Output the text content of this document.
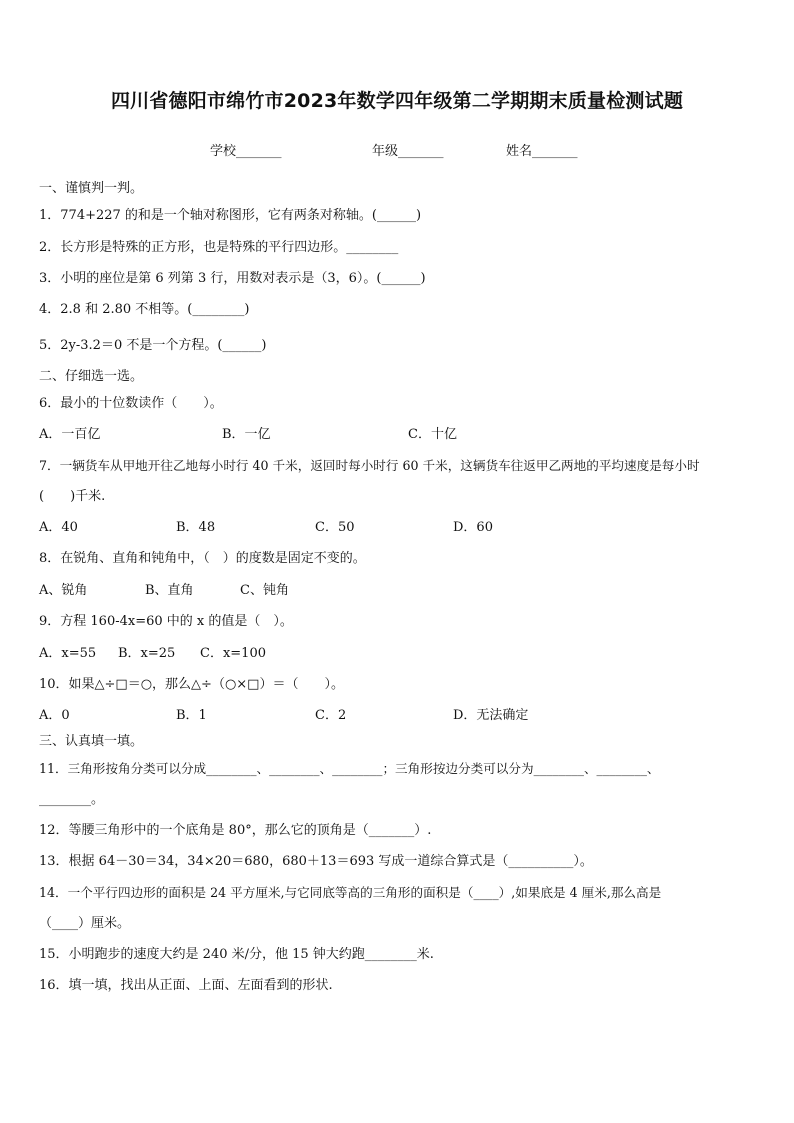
四川省德阳市绵竹市2023年数学四年级第二学期期末质量检测试题
学校_______	年级_______	姓名_______
一、谨慎判一判。
1．774+227 的和是一个轴对称图形，它有两条对称轴。(______)
2．长方形是特殊的正方形，也是特殊的平行四边形。________
3．小明的座位是第 6 列第 3 行，用数对表示是（3，6）。(______)
4．2.8 和 2.80 不相等。(________)
5．2y-3.2＝0 不是一个方程。(______)
二、仔细选一选。
6．最小的十位数读作（　　）。
A．一百亿	B．一亿	C．十亿
7．一辆货车从甲地开往乙地每小时行 40 千米，返回时每小时行 60 千米，这辆货车往返甲乙两地的平均速度是每小时
(　　)千米.
A．40	B．48	C．50	D．60
8．在锐角、直角和钝角中，（　）的度数是固定不变的。
A、锐角	B、直角	C、钝角
9．方程 160-4x=60 中的 x 的值是（　）。
A．x=55 B．x=25 C．x=100
10．如果△÷□＝○，那么△÷（○×□）＝（　　）。
A．0	B．1	C．2	D．无法确定
三、认真填一填。
11．三角形按角分类可以分成________、________、________；三角形按边分类可以分为________、________、
________。
12．等腰三角形中的一个底角是 80°，那么它的顶角是（_______）.
13．根据 64－30＝34，34×20＝680，680＋13＝693 写成一道综合算式是（__________）。
14．一个平行四边形的面积是 24 平方厘米,与它同底等高的三角形的面积是（____）,如果底是 4 厘米,那么高是
（____）厘米。
15．小明跑步的速度大约是 240 米/分，他 15 钟大约跑________米.
16．填一填，找出从正面、上面、左面看到的形状.
